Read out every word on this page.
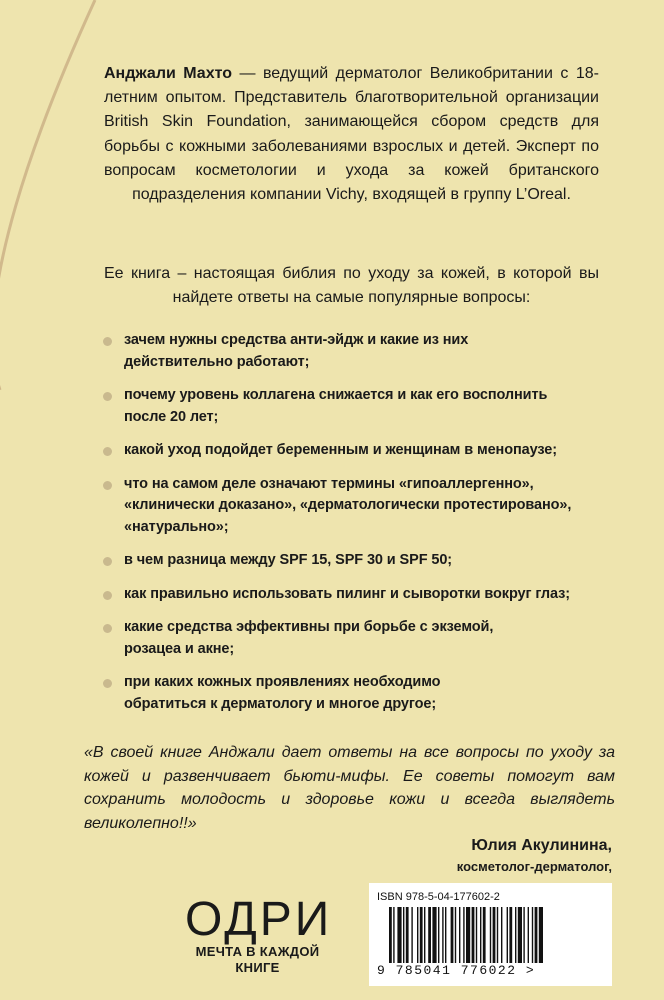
Анджали Махто — ведущий дерматолог Великобритании с 18-летним опытом. Представитель благотворительной организации British Skin Foundation, занимающейся сбором средств для борьбы с кожными заболеваниями взрослых и детей. Эксперт по вопросам косметологии и ухода за кожей британского подразделения компании Vichy, входящей в группу L’Oreal.

Ее книга – настоящая библия по уходу за кожей, в которой вы найдете ответы на самые популярные вопросы:

зачем нужны средства анти-эйдж и какие из них
действительно работают;
почему уровень коллагена снижается и как его восполнить
после 20 лет;
какой уход подойдет беременным и женщинам в менопаузе;
что на самом деле означают термины «гипоаллергенно»,
«клинически доказано», «дерматологически протестировано»,
«натурально»;
в чем разница между SPF 15, SPF 30 и SPF 50;
как правильно использовать пилинг и сыворотки вокруг глаз;
какие средства эффективны при борьбе с экземой,
розацеа и акне;
при каких кожных проявлениях необходимо
обратиться к дерматологу и многое другое;

«В своей книге Анджали дает ответы на все вопросы по уходу за кожей и развенчивает бьюти-мифы. Ее советы помогут вам сохранить молодость и здоровье кожи и всегда выглядеть великолепно!!»

Юлия Акулинина,
косметолог-дерматолог,
ОДРИ
МЕЧТА В КАЖДОЙ
КНИГЕ
ISBN 978-5-04-177602-2
9 785041 776022 >
